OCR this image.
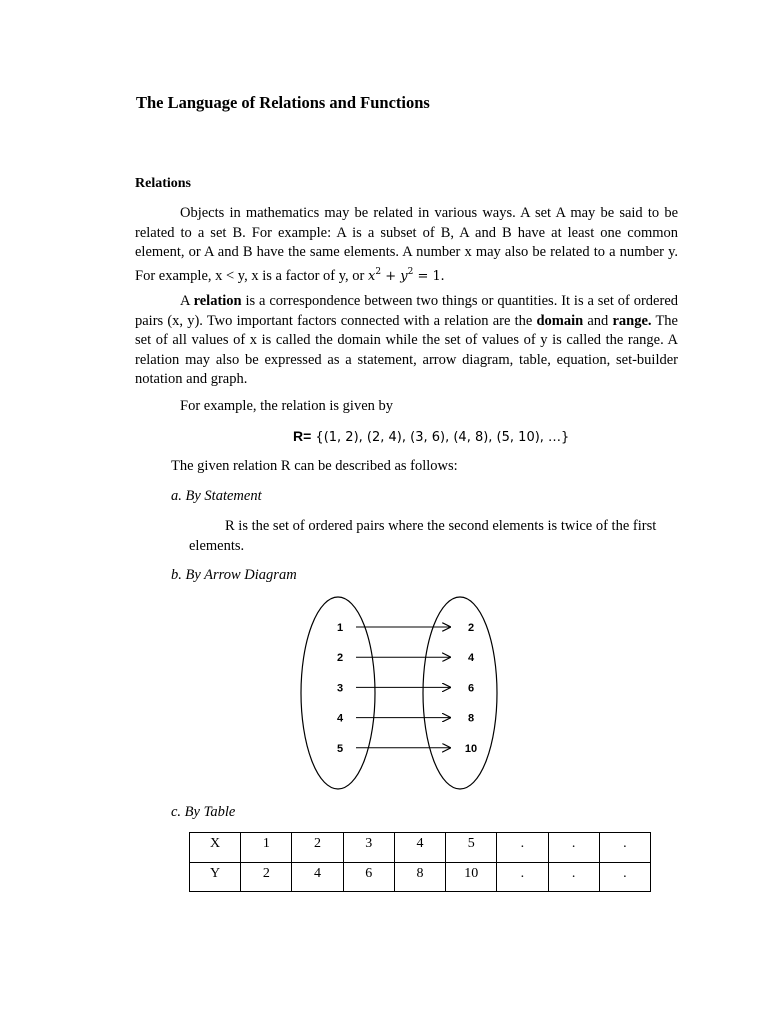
The Language of Relations and Functions
Relations

Objects in mathematics may be related in various ways. A set A may be said to be related to a set B. For example: A is a subset of B, A and B have at least one common element, or A and B have the same elements. A number x may also be related to a number y. For example, x < y, x is a factor of y, or $x^2 + y^2 = 1$.

A relation is a correspondence between two things or quantities. It is a set of ordered pairs (x, y). Two important factors connected with a relation are the domain and range. The set of all values of x is called the domain while the set of values of y is called the range. A relation may also be expressed as a statement, arrow diagram, table, equation, set-builder notation and graph.

For example, the relation is given by
R= {(1, 2), (2, 4), (3, 6), (4, 8), (5, 10), …}
The given relation R can be described as follows:
a. By Statement

R is the set of ordered pairs where the second elements is twice of the first elements.

b. By Arrow Diagram
1	2
2	4
3	6
4	8
5	10
c. By Table
X	1	2	3	4	5	.	.	.
Y	2	4	6	8	10	.	.	.
